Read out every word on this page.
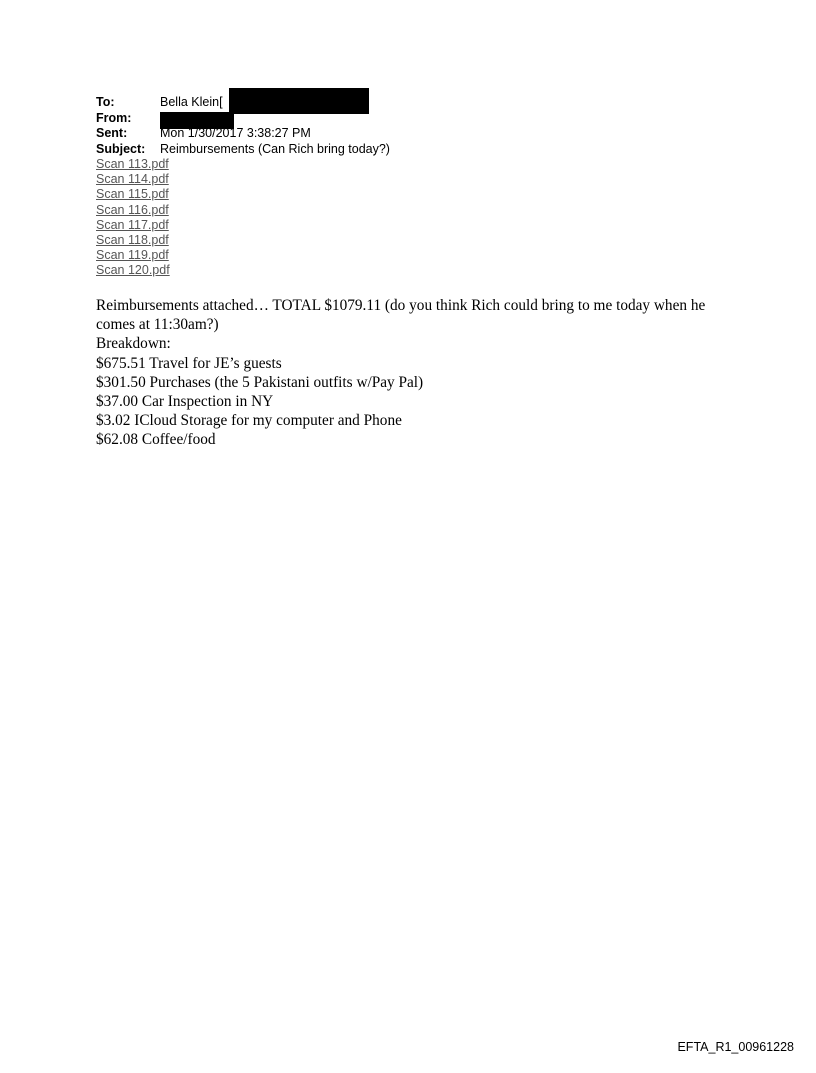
To:	Bella Klein[
From:
Sent:	Mon 1/30/2017 3:38:27 PM
Subject:	Reimbursements (Can Rich bring today?)
Scan 113.pdf
Scan 114.pdf
Scan 115.pdf
Scan 116.pdf
Scan 117.pdf
Scan 118.pdf
Scan 119.pdf
Scan 120.pdf

Reimbursements attached… TOTAL $1079.11 (do you think Rich could bring to me today when he comes at 11:30am?)

Breakdown:

$675.51 Travel for JE’s guests

$301.50 Purchases (the 5 Pakistani outfits w/Pay Pal)

$37.00 Car Inspection in NY

$3.02 ICloud Storage for my computer and Phone

$62.08 Coffee/food

EFTA_R1_00961228
